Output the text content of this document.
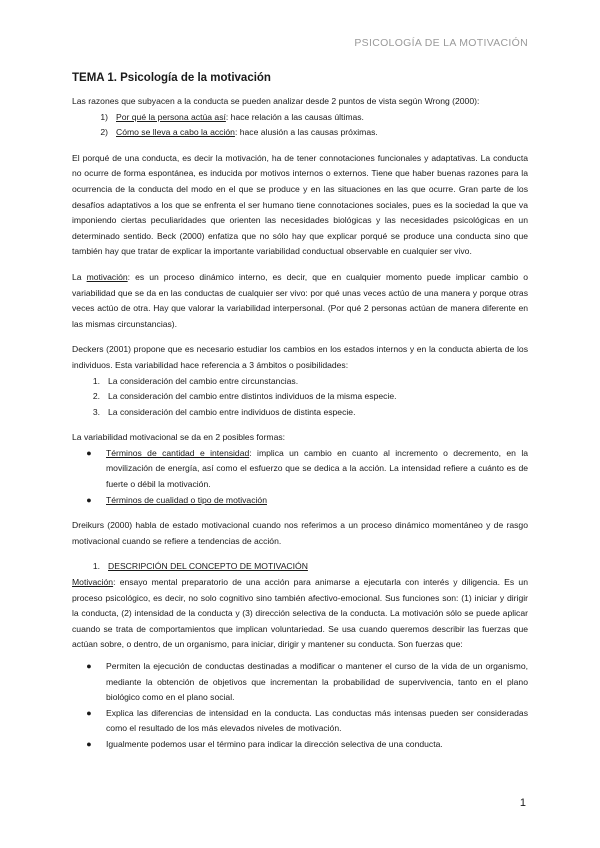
PSICOLOGÍA DE LA MOTIVACIÓN
TEMA 1. Psicología de la motivación

Las razones que subyacen a la conducta se pueden analizar desde 2 puntos de vista según Wrong (2000):

1) Por qué la persona actúa así: hace relación a las causas últimas.
2) Cómo se lleva a cabo la acción: hace alusión a las causas próximas.

El porqué de una conducta, es decir la motivación, ha de tener connotaciones funcionales y adaptativas. La conducta no ocurre de forma espontánea, es inducida por motivos internos o externos. Tiene que haber buenas razones para la ocurrencia de la conducta del modo en el que se produce y en las situaciones en las que ocurre. Gran parte de los desafíos adaptativos a los que se enfrenta el ser humano tiene connotaciones sociales, pues es la sociedad la que va imponiendo ciertas peculiaridades que orienten las necesidades biológicas y las necesidades psicológicas en un determinado sentido. Beck (2000) enfatiza que no sólo hay que explicar porqué se produce una conducta sino que también hay que tratar de explicar la importante variabilidad conductual observable en cualquier ser vivo.

La motivación: es un proceso dinámico interno, es decir, que en cualquier momento puede implicar cambio o variabilidad que se da en las conductas de cualquier ser vivo: por qué unas veces actúo de una manera y porque otras veces actúo de otra. Hay que valorar la variabilidad interpersonal. (Por qué 2 personas actúan de manera diferente en las mismas circunstancias).

Deckers (2001) propone que es necesario estudiar los cambios en los estados internos y en la conducta abierta de los individuos. Esta variabilidad hace referencia a 3 ámbitos o posibilidades:

1. La consideración del cambio entre circunstancias.
2. La consideración del cambio entre distintos individuos de la misma especie.
3. La consideración del cambio entre individuos de distinta especie.

La variabilidad motivacional se da en 2 posibles formas:

●	Términos de cantidad e intensidad: implica un cambio en cuanto al incremento o decremento, en la movilización de energía, así como el esfuerzo que se dedica a la acción. La intensidad refiere a cuánto es de fuerte o débil la motivación.
●	Términos de cualidad o tipo de motivación

Dreikurs (2000) habla de estado motivacional cuando nos referimos a un proceso dinámico momentáneo y de rasgo motivacional cuando se refiere a tendencias de acción.

1. DESCRIPCIÓN DEL CONCEPTO DE MOTIVACIÓN

Motivación: ensayo mental preparatorio de una acción para animarse a ejecutarla con interés y diligencia. Es un proceso psicológico, es decir, no solo cognitivo sino también afectivo-emocional. Sus funciones son: (1) iniciar y dirigir la conducta, (2) intensidad de la conducta y (3) dirección selectiva de la conducta. La motivación sólo se puede aplicar cuando se trata de comportamientos que implican voluntariedad. Se usa cuando queremos describir las fuerzas que actúan sobre, o dentro, de un organismo, para iniciar, dirigir y mantener su conducta. Son fuerzas que:

●	Permiten la ejecución de conductas destinadas a modificar o mantener el curso de la vida de un organismo, mediante la obtención de objetivos que incrementan la probabilidad de supervivencia, tanto en el plano biológico como en el plano social.
●	Explica las diferencias de intensidad en la conducta. Las conductas más intensas pueden ser consideradas como el resultado de los más elevados niveles de motivación.
●	Igualmente podemos usar el término para indicar la dirección selectiva de una conducta.
1
